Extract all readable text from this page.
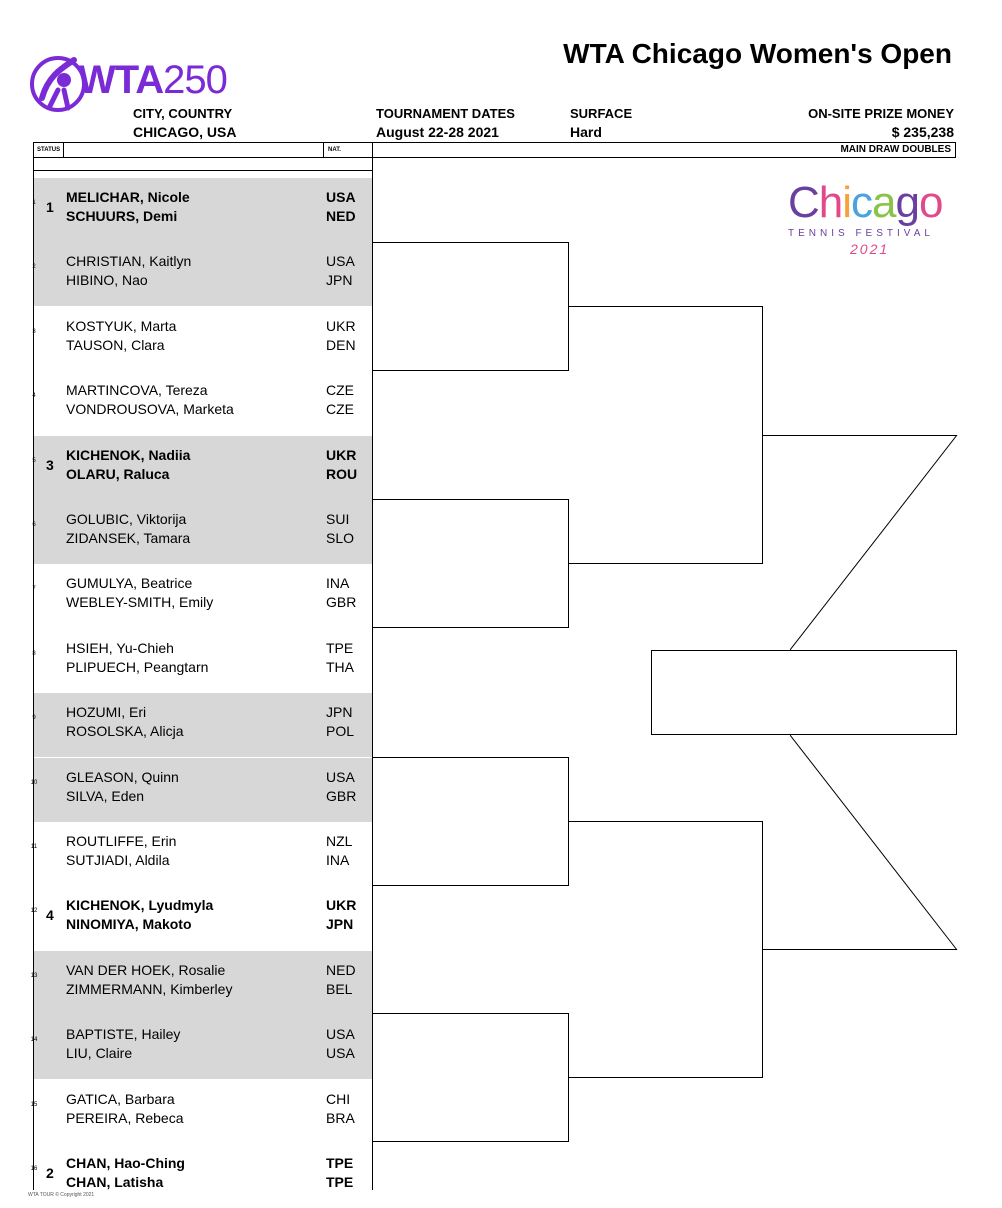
WTA250
WTA Chicago Women's Open
CITY, COUNTRY
CHICAGO, USA
TOURNAMENT DATES
August 22-28 2021
SURFACE
Hard
ON-SITE PRIZE MONEY
$ 235,238
STATUS	NAT.	MAIN DRAW DOUBLES
1 1
MELICHAR, Nicole	USA
SCHUURS, Demi	NED
2 CHRISTIAN, Kaitlyn	USA
HIBINO, Nao	JPN
3 KOSTYUK, Marta	UKR
TAUSON, Clara	DEN
4 MARTINCOVA, Tereza	CZE
VONDROUSOVA, Marketa	CZE
5 3
KICHENOK, Nadiia	UKR
OLARU, Raluca	ROU
6 GOLUBIC, Viktorija	SUI
ZIDANSEK, Tamara	SLO
7 GUMULYA, Beatrice	INA
WEBLEY-SMITH, Emily	GBR
8 HSIEH, Yu-Chieh	TPE
PLIPUECH, Peangtarn	THA
9 HOZUMI, Eri	JPN
ROSOLSKA, Alicja	POL
10 GLEASON, Quinn	USA
SILVA, Eden	GBR
11 ROUTLIFFE, Erin	NZL
SUTJIADI, Aldila	INA
12 4
KICHENOK, Lyudmyla	UKR
NINOMIYA, Makoto	JPN
13 VAN DER HOEK, Rosalie	NED
ZIMMERMANN, Kimberley	BEL
14 BAPTISTE, Hailey	USA
LIU, Claire	USA
15 GATICA, Barbara	CHI
PEREIRA, Rebeca	BRA
16 2
CHAN, Hao-Ching	TPE
CHAN, Latisha	TPE
Chicago
TENNIS FESTIVAL
2021
WTA TOUR © Copyright 2021
